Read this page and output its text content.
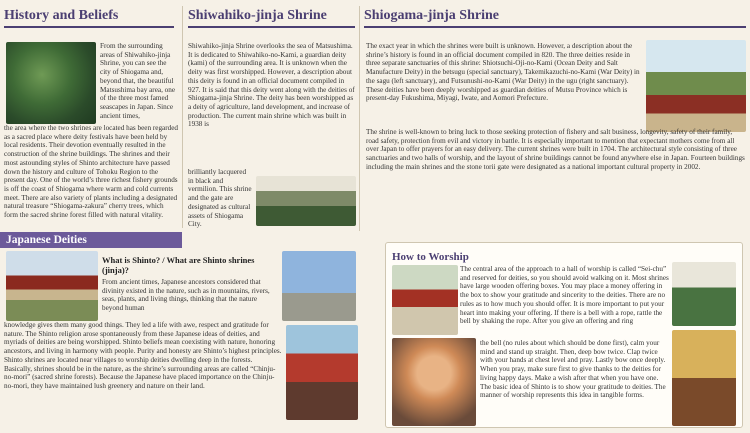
History and Beliefs
From the surrounding areas of Shiwahiko-jinja Shrine, you can see the city of Shiogama and, beyond that, the beautiful Matsushima bay area, one of the three most famed seascapes in Japan. Since ancient times,
the area where the two shrines are located has been regarded as a sacred place where deity festivals have been held by local residents. Their devotion eventually resulted in the construction of the shrine buildings. The shrines and their most astounding styles of Shinto architecture have passed down the history and culture of Tohoku Region to the present day. One of the world’s three richest fishery grounds is off the coast of Shiogama where warm and cold currents meet. There are also variety of plants including a designated natural treasure “Shiogama-zakura” cherry trees, which form the sacred shrine forest filled with natural vitality.
Japanese Deities
What is Shinto? / What are Shinto shrines (jinja)?
From ancient times, Japanese ancestors considered that divinity existed in the nature, such as in mountains, rivers, seas, plants, and living things, thinking that the nature beyond human
knowledge gives them many good things. They led a life with awe, respect and gratitude for nature. The Shinto religion arose spontaneously from these Japanese ideas of deities, and myriads of deities are being worshipped. Shinto beliefs mean coexisting with nature, honoring ancestors, and living in harmony with people. Purity and honesty are Shinto’s highest principles. Shinto shrines are located near villages to worship deities dwelling deep in the forests. Basically, shrines should be in the nature, as the shrine’s surrounding areas are called “Chinju-no-mori” (sacred shrine forests). Because the Japanese have placed importance on the Chinju-no-mori, they have maintained lush greenery and nature on their land.
Shiwahiko-jinja Shrine
Shiwahiko-jinja Shrine overlooks the sea of Matsushima. It is dedicated to Shiwahiko-no-Kami, a guardian deity (kami) of the surrounding area. It is unknown when the deity was first worshipped. However, a description about this deity is found in an official document compiled in 927. It is said that this deity went along with the deities of Shiogama-jinja Shrine. The deity has been worshipped as a deity of agriculture, land development, and increase of production. The current main shrine which was built in 1938 is
brilliantly lacquered in black and vermilion. This shrine and the gate are designated as cultural assets of Shiogama City.
Shiogama-jinja Shrine
The exact year in which the shrines were built is unknown. However, a description about the shrine’s history is found in an official document compiled in 820. The three deities reside in three separate sanctuaries of this shrine: Shiotsuchi-Oji-no-Kami (Ocean Deity and Salt Manufacture Deity) in the betsugu (special sanctuary), Takemikazuchi-no-Kami (War Deity) in the sagu (left sanctuary), and Futsunushi-no-Kami (War Deity) in the ugu (right sanctuary). These deities have been deeply worshipped as guardian deities of Mutsu Province which is present-day Fukushima, Miyagi, Iwate, and Aomori Prefecture.
The shrine is well-known to bring luck to those seeking protection of fishery and salt business, longevity, safety of their family, road safety, protection from evil and victory in battle. It is especially important to mention that expectant mothers come from all over Japan to offer prayers for an easy delivery. The current shrines were built in 1704. The architectural style consisting of three sanctuaries and two halls of worship, and the layout of shrine buildings cannot be found anywhere else in Japan. Fourteen buildings including the main shrines and the stone torii gate were designated as a national important cultural property in 2002.
How to Worship
The central area of the approach to a hall of worship is called “Sei-chu” and reserved for deities, so you should avoid walking on it. Most shrines have large wooden offering boxes. You may place a money offering in the box to show your gratitude and sincerity to the deities. There are no rules as to how much you should offer. It is more important to put your heart into making your offering. If there is a bell with a rope, rattle the bell by shaking the rope. After you give an offering and ring
the bell (no rules about which should be done first), calm your mind and stand up straight. Then, deep bow twice. Clap twice with your hands at chest level and pray. Lastly bow once deeply. When you pray, make sure first to give thanks to the deities for living happy days. Make a wish after that when you have one. The basic idea of Shinto is to show your gratitude to deities. The manner of worship represents this idea in tangible forms.
